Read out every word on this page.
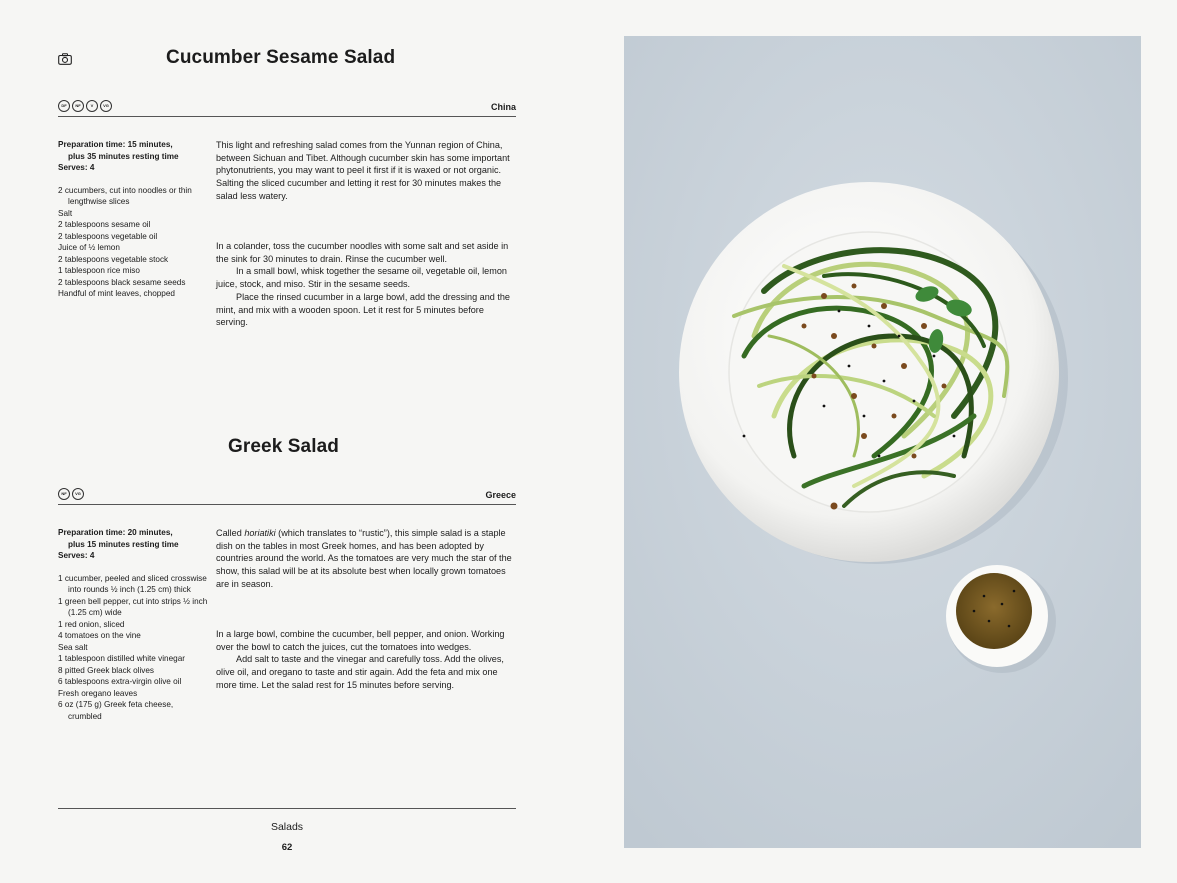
Cucumber Sesame Salad
DF	NF	V	VG	China
Preparation time: 15 minutes,
plus 35 minutes resting time
Serves: 4
2 cucumbers, cut into noodles or thin lengthwise slices
Salt
2 tablespoons sesame oil
2 tablespoons vegetable oil
Juice of ½ lemon
2 tablespoons vegetable stock
1 tablespoon rice miso
2 tablespoons black sesame seeds
Handful of mint leaves, chopped

This light and refreshing salad comes from the Yunnan region of China, between Sichuan and Tibet. Although cucumber skin has some important phytonutrients, you may want to peel it first if it is waxed or not organic. Salting the sliced cucumber and letting it rest for 30 minutes makes the salad less watery.

In a colander, toss the cucumber noodles with some salt and set aside in the sink for 30 minutes to drain. Rinse the cucumber well.

In a small bowl, whisk together the sesame oil, vegetable oil, lemon juice, stock, and miso. Stir in the sesame seeds.

Place the rinsed cucumber in a large bowl, add the dressing and the mint, and mix with a wooden spoon. Let it rest for 5 minutes before serving.

Greek Salad
NF	VG	Greece
Preparation time: 20 minutes,
plus 15 minutes resting time
Serves: 4
1 cucumber, peeled and sliced crosswise into rounds ½ inch (1.25 cm) thick
1 green bell pepper, cut into strips ½ inch (1.25 cm) wide
1 red onion, sliced
4 tomatoes on the vine
Sea salt
1 tablespoon distilled white vinegar
8 pitted Greek black olives
6 tablespoons extra-virgin olive oil
Fresh oregano leaves
6 oz (175 g) Greek feta cheese, crumbled

Called horiatiki (which translates to “rustic”), this simple salad is a staple dish on the tables in most Greek homes, and has been adopted by countries around the world. As the tomatoes are very much the star of the show, this salad will be at its absolute best when locally grown tomatoes are in season.

In a large bowl, combine the cucumber, bell pepper, and onion. Working over the bowl to catch the juices, cut the tomatoes into wedges.

Add salt to taste and the vinegar and carefully toss. Add the olives, olive oil, and oregano to taste and stir again. Add the feta and mix one more time. Let the salad rest for 15 minutes before serving.

Salads
62
